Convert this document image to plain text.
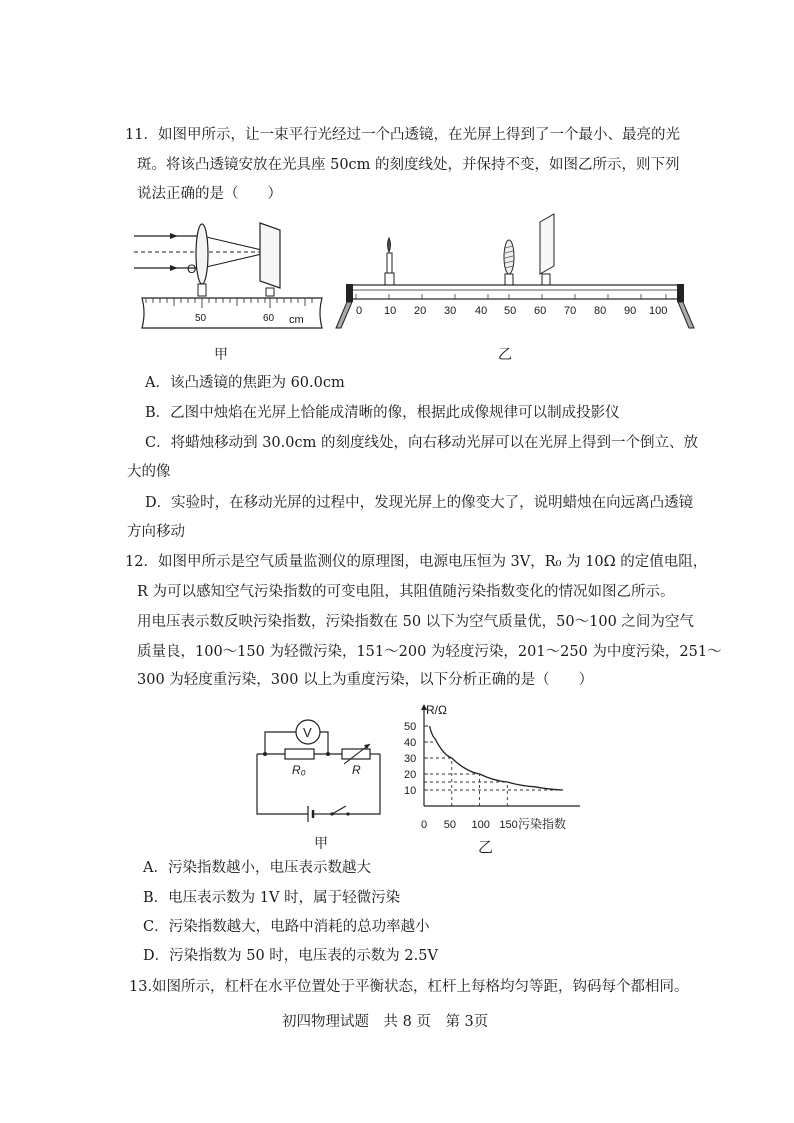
11．如图甲所示，让一束平行光经过一个凸透镜，在光屏上得到了一个最小、最亮的光
斑。将该凸透镜安放在光具座 50cm 的刻度线处，并保持不变，如图乙所示，则下列
说法正确的是（　　）
O
50	60 cm
甲
0 10 20 30 40 50 60 70 80 90 100
乙
A．该凸透镜的焦距为 60.0cm
B．乙图中烛焰在光屏上恰能成清晰的像，根据此成像规律可以制成投影仪
C．将蜡烛移动到 30.0cm 的刻度线处，向右移动光屏可以在光屏上得到一个倒立、放
大的像
D．实验时，在移动光屏的过程中，发现光屏上的像变大了，说明蜡烛在向远离凸透镜
方向移动
12．如图甲所示是空气质量监测仪的原理图，电源电压恒为 3V，R₀ 为 10Ω 的定值电阻，
R 为可以感知空气污染指数的可变电阻，其阻值随污染指数变化的情况如图乙所示。
用电压表示数反映污染指数，污染指数在 50 以下为空气质量优，50～100 之间为空气
质量良，100～150 为轻微污染，151～200 为轻度污染，201～250 为中度污染，251～
300 为轻度重污染，300 以上为重度污染，以下分析正确的是（　　）
V
R₀	R
甲
R/Ω
污染指数
乙
10
20
30
40
50
0 50 100 150
A．污染指数越小，电压表示数越大
B．电压表示数为 1V 时，属于轻微污染
C．污染指数越大，电路中消耗的总功率越小
D．污染指数为 50 时，电压表的示数为 2.5V
13.如图所示，杠杆在水平位置处于平衡状态，杠杆上每格均匀等距，钩码每个都相同。
初四物理试题　共 8 页　第 3页
